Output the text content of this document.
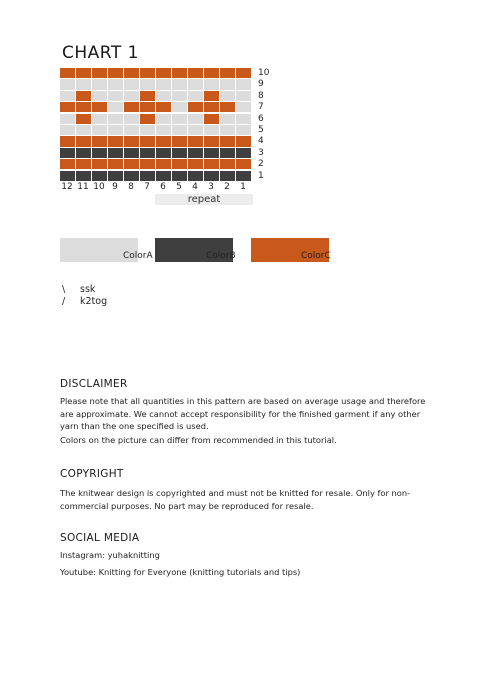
CHART 1
10
9
8
7
6
5
4
3
2
1
12 11 10 9	8	7	6	5	4	3	2	1
repeat
ColorA	ColorB	ColorC
\ ssk
/ k2tog
DISCLAIMER

Please note that all quantities in this pattern are based on average usage and therefore are approximate. We cannot accept responsibility for the finished garment if any other yarn than the one specified is used.

Colors on the picture can differ from recommended in this tutorial.

COPYRIGHT

The knitwear design is copyrighted and must not be knitted for resale. Only for non-commercial purposes. No part may be reproduced for resale.

SOCIAL MEDIA

Instagram: yuhaknitting

Youtube: Knitting for Everyone (knitting tutorials and tips)
